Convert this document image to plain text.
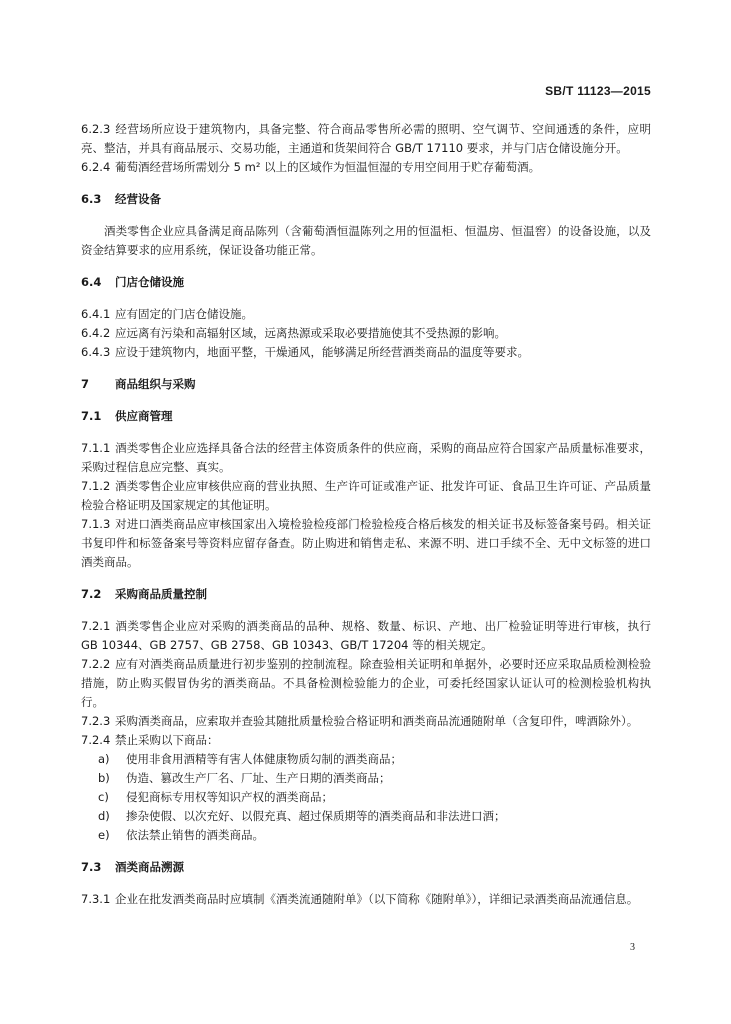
SB/T 11123—2015

6.2.3 经营场所应设于建筑物内，具备完整、符合商品零售所必需的照明、空气调节、空间通透的条件，应明亮、整洁，并具有商品展示、交易功能，主通道和货架间符合 GB/T 17110 要求，并与门店仓储设施分开。

6.2.4 葡萄酒经营场所需划分 5 m² 以上的区域作为恒温恒湿的专用空间用于贮存葡萄酒。

6.3 经营设备

酒类零售企业应具备满足商品陈列（含葡萄酒恒温陈列之用的恒温柜、恒温房、恒温窖）的设备设施，以及资金结算要求的应用系统，保证设备功能正常。

6.4 门店仓储设施

6.4.1 应有固定的门店仓储设施。

6.4.2 应远离有污染和高辐射区域，远离热源或采取必要措施使其不受热源的影响。

6.4.3 应设于建筑物内，地面平整，干燥通风，能够满足所经营酒类商品的温度等要求。

7 商品组织与采购

7.1 供应商管理

7.1.1 酒类零售企业应选择具备合法的经营主体资质条件的供应商，采购的商品应符合国家产品质量标准要求，采购过程信息应完整、真实。

7.1.2 酒类零售企业应审核供应商的营业执照、生产许可证或准产证、批发许可证、食品卫生许可证、产品质量检验合格证明及国家规定的其他证明。

7.1.3 对进口酒类商品应审核国家出入境检验检疫部门检验检疫合格后核发的相关证书及标签备案号码。相关证书复印件和标签备案号等资料应留存备查。防止购进和销售走私、来源不明、进口手续不全、无中文标签的进口酒类商品。

7.2 采购商品质量控制

7.2.1 酒类零售企业应对采购的酒类商品的品种、规格、数量、标识、产地、出厂检验证明等进行审核，执行 GB 10344、GB 2757、GB 2758、GB 10343、GB/T 17204 等的相关规定。

7.2.2 应有对酒类商品质量进行初步鉴别的控制流程。除查验相关证明和单据外，必要时还应采取品质检测检验措施，防止购买假冒伪劣的酒类商品。不具备检测检验能力的企业，可委托经国家认证认可的检测检验机构执行。

7.2.3 采购酒类商品，应索取并查验其随批质量检验合格证明和酒类商品流通随附单（含复印件，啤酒除外）。

7.2.4 禁止采购以下商品：

a) 使用非食用酒精等有害人体健康物质勾制的酒类商品；

b) 伪造、篡改生产厂名、厂址、生产日期的酒类商品；

c) 侵犯商标专用权等知识产权的酒类商品；

d) 掺杂使假、以次充好、以假充真、超过保质期等的酒类商品和非法进口酒；

e) 依法禁止销售的酒类商品。

7.3 酒类商品溯源

7.3.1 企业在批发酒类商品时应填制《酒类流通随附单》（以下简称《随附单》），详细记录酒类商品流通信息。

3
